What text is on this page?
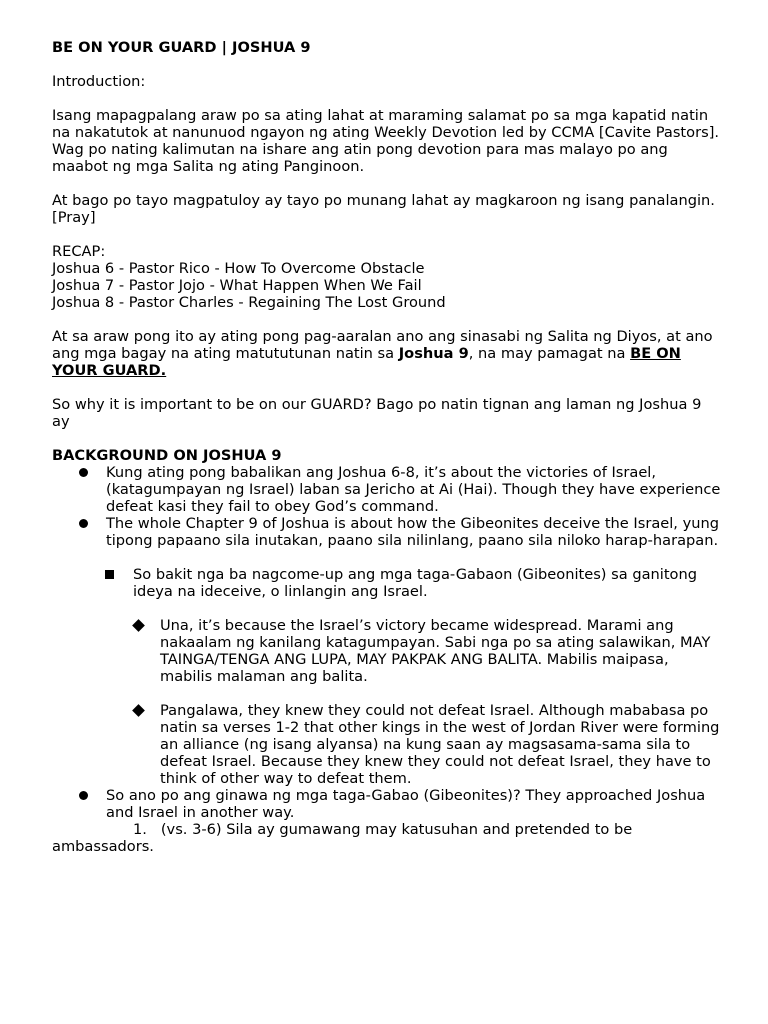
BE ON YOUR GUARD | JOSHUA 9

Introduction:

Isang mapagpalang araw po sa ating lahat at maraming salamat po sa mga kapatid natin na nakatutok at nanunuod ngayon ng ating Weekly Devotion led by CCMA [Cavite Pastors]. Wag po nating kalimutan na ishare ang atin pong devotion para mas malayo po ang maabot ng mga Salita ng ating Panginoon.

At bago po tayo magpatuloy ay tayo po munang lahat ay magkaroon ng isang panalangin.

[Pray]

RECAP:

Joshua 6 - Pastor Rico - How To Overcome Obstacle

Joshua 7 - Pastor Jojo - What Happen When We Fail

Joshua 8 - Pastor Charles - Regaining The Lost Ground

At sa araw pong ito ay ating pong pag-aaralan ano ang sinasabi ng Salita ng Diyos, at ano ang mga bagay na ating matututunan natin sa Joshua 9, na may pamagat na BE ON YOUR GUARD.

So why it is important to be on our GUARD? Bago po natin tignan ang laman ng Joshua 9 ay

BACKGROUND ON JOSHUA 9

Kung ating pong babalikan ang Joshua 6-8, it’s about the victories of Israel, (katagumpayan ng Israel) laban sa Jericho at Ai (Hai). Though they have experience defeat kasi they fail to obey God’s command.

The whole Chapter 9 of Joshua is about how the Gibeonites deceive the Israel, yung tipong papaano sila inutakan, paano sila nilinlang, paano sila niloko harap-harapan.

So bakit nga ba nagcome-up ang mga taga-Gabaon (Gibeonites) sa ganitong ideya na ideceive, o linlangin ang Israel.

Una, it’s because the Israel’s victory became widespread. Marami ang nakaalam ng kanilang katagumpayan. Sabi nga po sa ating salawikan, MAY TAINGA/TENGA ANG LUPA, MAY PAKPAK ANG BALITA. Mabilis maipasa, mabilis malaman ang balita.

Pangalawa, they knew they could not defeat Israel. Although mababasa po natin sa verses 1-2 that other kings in the west of Jordan River were forming an alliance (ng isang alyansa) na kung saan ay magsasama-sama sila to defeat Israel. Because they knew they could not defeat Israel, they have to think of other way to defeat them.

So ano po ang ginawa ng mga taga-Gabao (Gibeonites)? They approached Joshua and Israel in another way.

1. (vs. 3-6) Sila ay gumawang may katusuhan and pretended to be ambassadors.
